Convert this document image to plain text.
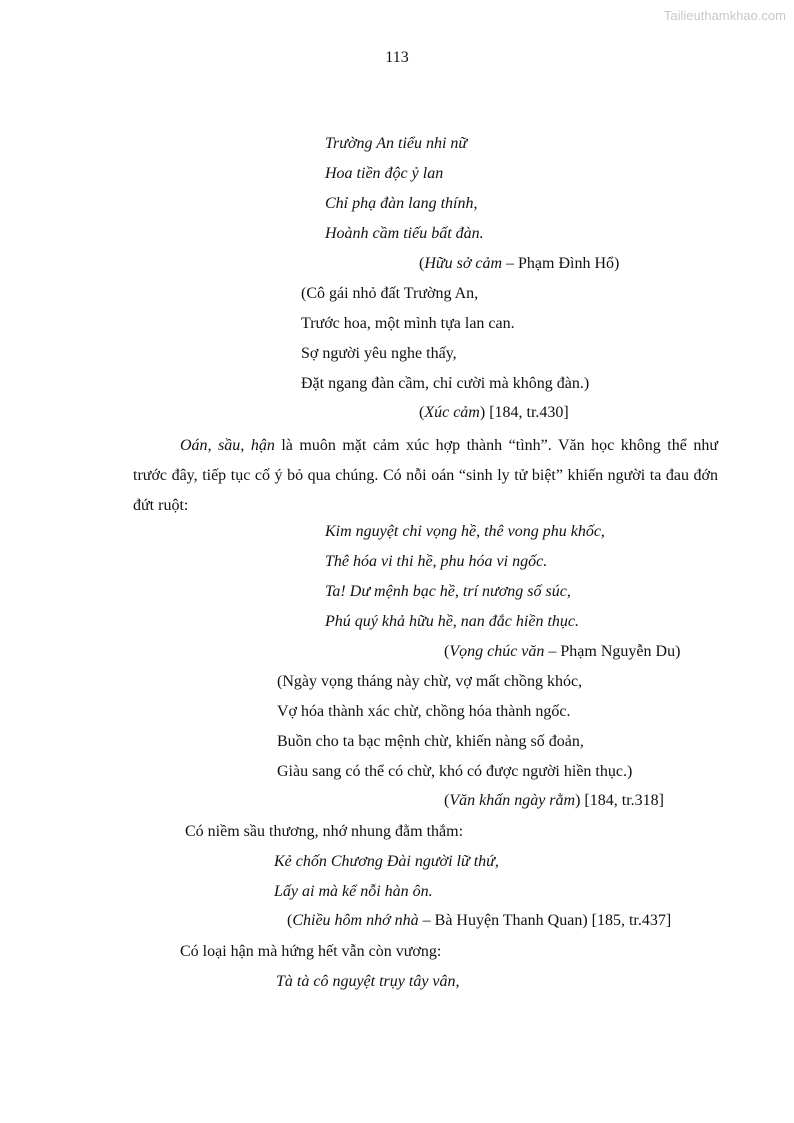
Tailieuthamkhao.com
113
Trường An tiểu nhi nữ
Hoa tiền độc ỷ lan
Chỉ phạ đàn lang thính,
Hoành cầm tiếu bất đàn.
(Hữu sở cảm – Phạm Đình Hổ)
(Cô gái nhỏ đất Trường An,
Trước hoa, một mình tựa lan can.
Sợ người yêu nghe thấy,
Đặt ngang đàn cầm, chỉ cười mà không đàn.)
(Xúc cảm) [184, tr.430]

Oán, sầu, hận là muôn mặt cảm xúc hợp thành “tình”. Văn học không thể như trước đây, tiếp tục cố ý bỏ qua chúng. Có nỗi oán “sinh ly tử biệt” khiến người ta đau đớn đứt ruột:

Kim nguyệt chi vọng hề, thê vong phu khốc,
Thê hóa vi thi hề, phu hóa vi ngốc.
Ta! Dư mệnh bạc hề, trí nương số súc,
Phú quý khả hữu hề, nan đắc hiền thục.
(Vọng chúc văn – Phạm Nguyễn Du)
(Ngày vọng tháng này chừ, vợ mất chồng khóc,
Vợ hóa thành xác chừ, chồng hóa thành ngốc.
Buồn cho ta bạc mệnh chừ, khiến nàng số đoản,
Giàu sang có thể có chừ, khó có được người hiền thục.)
(Văn khấn ngày rằm) [184, tr.318]
Có niềm sầu thương, nhớ nhung đằm thắm:
Kẻ chốn Chương Đài người lữ thứ,
Lấy ai mà kể nỗi hàn ôn.
(Chiều hôm nhớ nhà – Bà Huyện Thanh Quan) [185, tr.437]
Có loại hận mà hứng hết vẫn còn vương:
Tà tà cô nguyệt trụy tây vân,
